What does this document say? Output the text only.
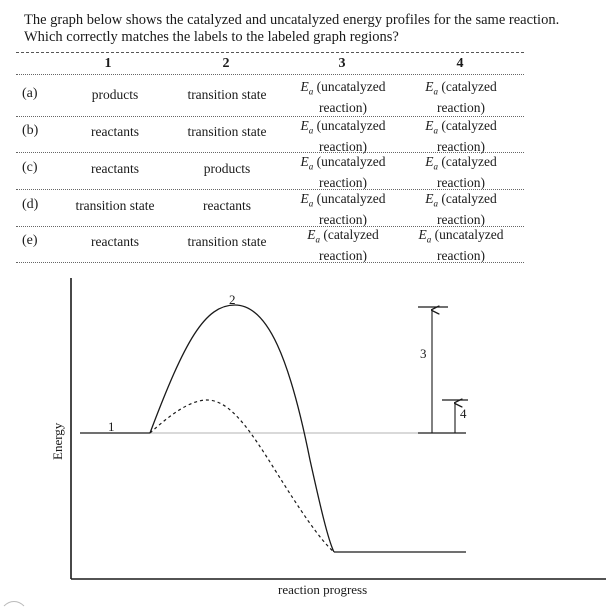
The graph below shows the catalyzed and uncatalyzed energy profiles for the same reaction.
Which correctly matches the labels to the labeled graph regions?
1	2	3	4
(a)	products	transition state
$E_a$ (uncatalyzed
reaction)
$E_a$ (catalyzed
reaction)
(b)	reactants	transition state	$E_a$ (uncatalyzed
reaction)
$E_a$ (catalyzed
reaction)
(c)	reactants	products	$E_a$ (uncatalyzed
reaction)
$E_a$ (catalyzed
reaction)
(d)	transition state	reactants	$E_a$ (uncatalyzed
reaction)
$E_a$ (catalyzed
reaction)
(e)	reactants	transition state	$E_a$ (catalyzed
reaction)
$E_a$ (uncatalyzed
reaction)
1
2
3
4
Energy
reaction progress
